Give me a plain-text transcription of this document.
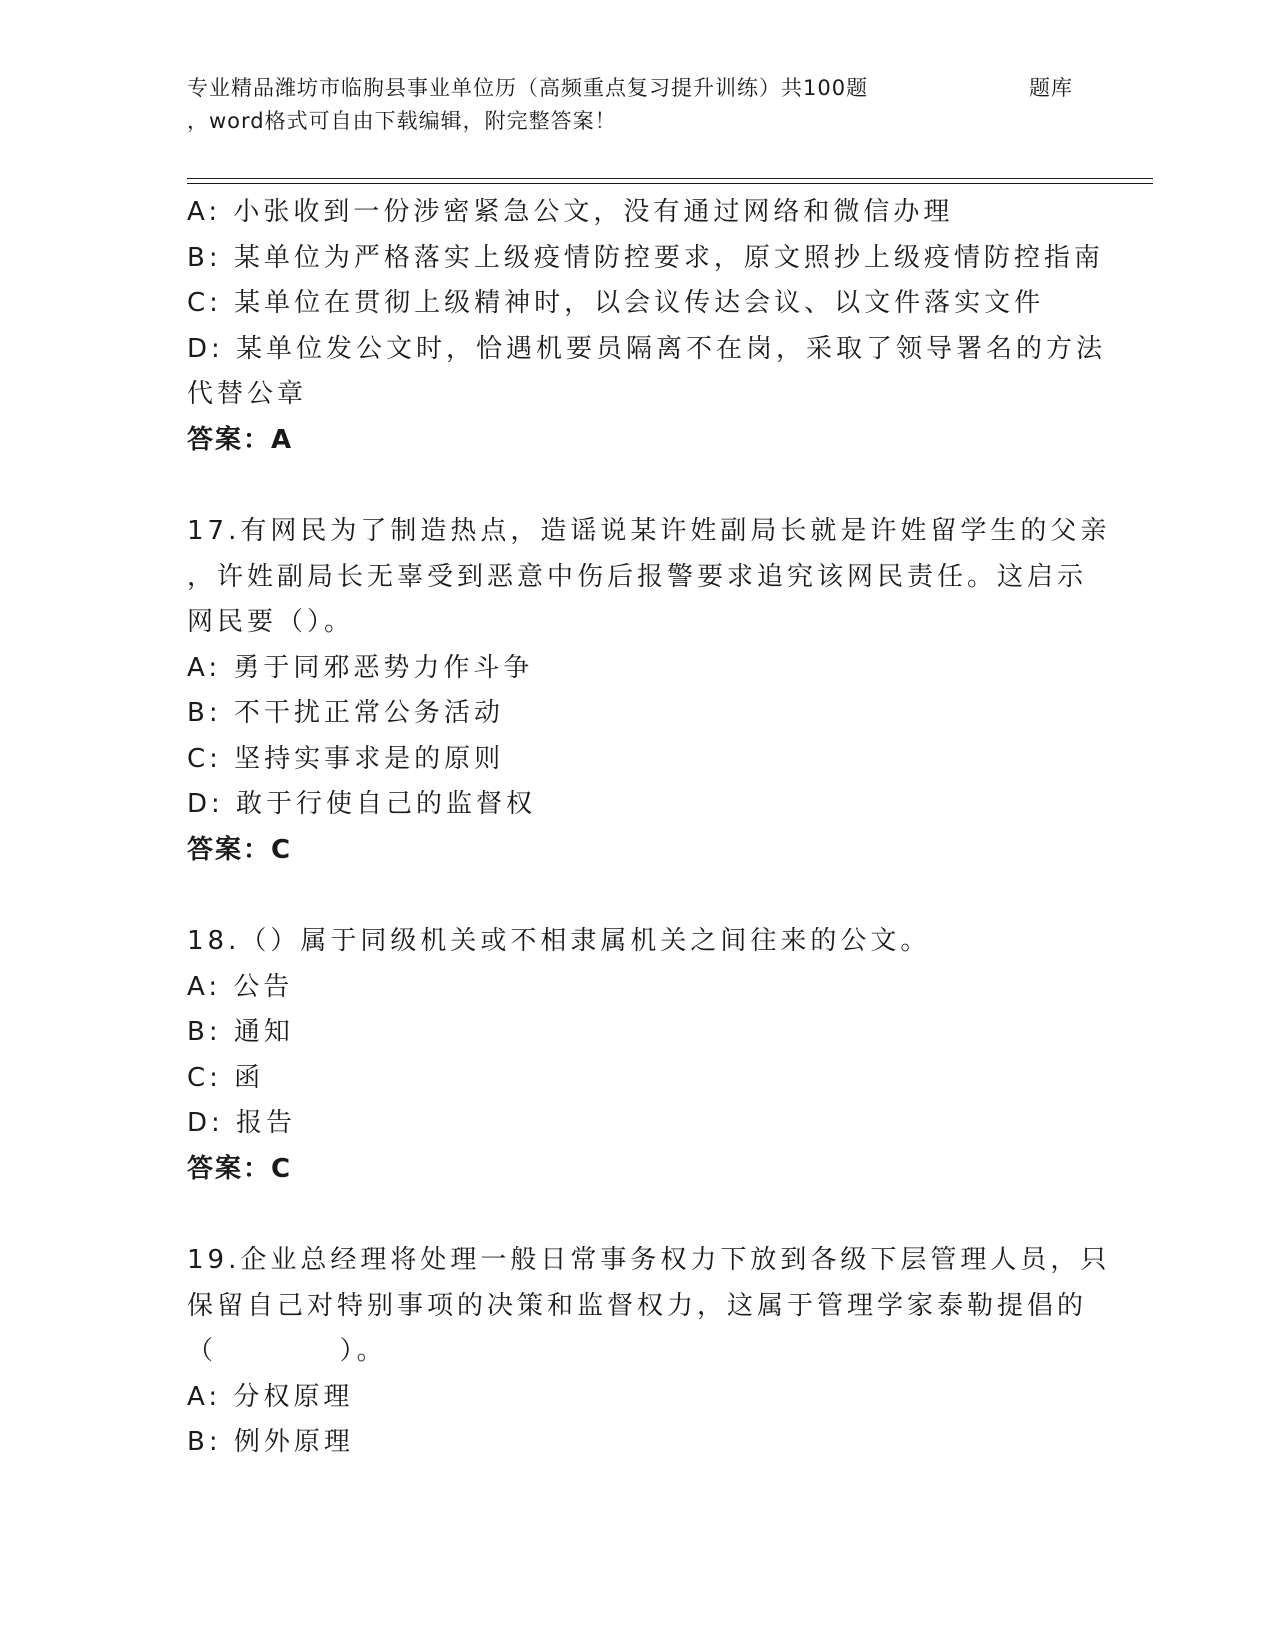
专业精品潍坊市临朐县事业单位历（高频重点复习提升训练）共100题	题库
，word格式可自由下载编辑，附完整答案！
A: 小张收到一份涉密紧急公文，没有通过网络和微信办理
B: 某单位为严格落实上级疫情防控要求，原文照抄上级疫情防控指南
C: 某单位在贯彻上级精神时，以会议传达会议、以文件落实文件
D: 某单位发公文时，恰遇机要员隔离不在岗，采取了领导署名的方法
代替公章
答案：A
17.有网民为了制造热点，造谣说某许姓副局长就是许姓留学生的父亲
，许姓副局长无辜受到恶意中伤后报警要求追究该网民责任。这启示
网民要（）。
A: 勇于同邪恶势力作斗争
B: 不干扰正常公务活动
C: 坚持实事求是的原则
D: 敢于行使自己的监督权
答案：C
18.（）属于同级机关或不相隶属机关之间往来的公文。
A: 公告
B: 通知
C: 函
D: 报告
答案：C
19.企业总经理将处理一般日常事务权力下放到各级下层管理人员，只
保留自己对特别事项的决策和监督权力，这属于管理学家泰勒提倡的
（          ）。
A: 分权原理
B: 例外原理
